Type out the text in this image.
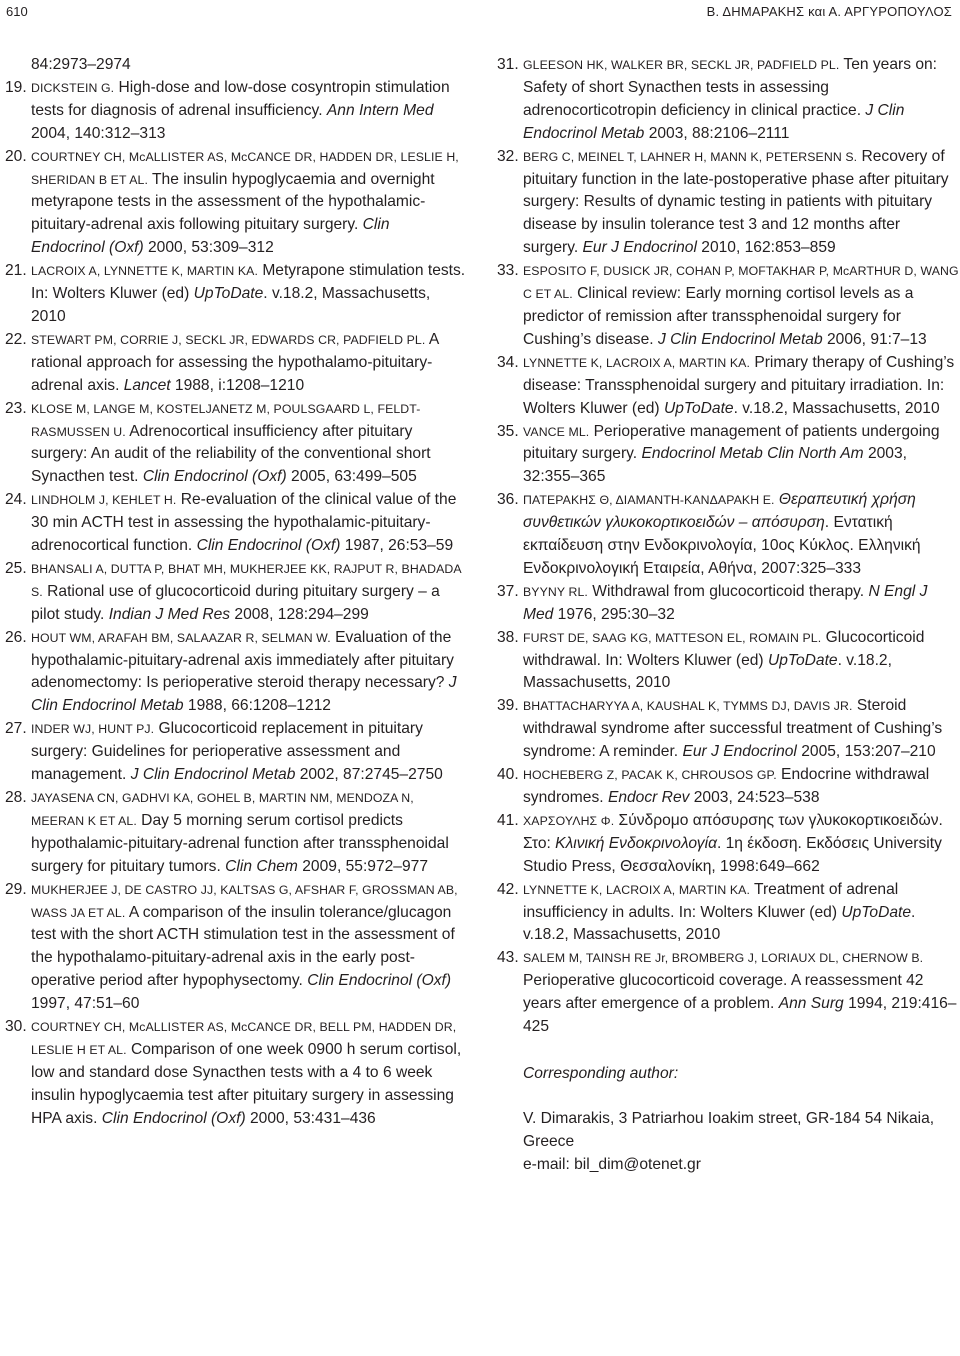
610	Β. ΔΗΜΑΡΑΚΗΣ και Α. ΑΡΓΥΡΟΠΟΥΛΟΣ
84:2973‒2974
19. DICKSTEIN G. High-dose and low-dose cosyntropin stimulation tests for diagnosis of adrenal insufficiency. Ann Intern Med 2004, 140:312‒313
20. COURTNEY CH, McALLISTER AS, McCANCE DR, HADDEN DR, LESLIE H, SHERIDAN B ET AL. The insulin hypoglycaemia and overnight metyrapone tests in the assessment of the hypothalamic-pituitary-adrenal axis following pituitary surgery. Clin Endocrinol (Oxf) 2000, 53:309‒312
21. LACROIX A, LYNNETTE K, MARTIN KA. Metyrapone stimulation tests. In: Wolters Kluwer (ed) UpToDate. v.18.2, Massachusetts, 2010
22. STEWART PM, CORRIE J, SECKL JR, EDWARDS CR, PADFIELD PL. A rational approach for assessing the hypothalamo-pituitary-adrenal axis. Lancet 1988, i:1208‒1210
23. KLOSE M, LANGE M, KOSTELJANETZ M, POULSGAARD L, FELDT-RASMUSSEN U. Adrenocortical insufficiency after pituitary surgery: An audit of the reliability of the conventional short Synacthen test. Clin Endocrinol (Oxf) 2005, 63:499‒505
24. LINDHOLM J, KEHLET H. Re-evaluation of the clinical value of the 30 min ACTH test in assessing the hypothalamic-pituitary-adrenocortical function. Clin Endocrinol (Oxf) 1987, 26:53‒59
25. BHANSALI A, DUTTA P, BHAT MH, MUKHERJEE KK, RAJPUT R, BHADADA S. Rational use of glucocorticoid during pituitary surgery ‒ a pilot study. Indian J Med Res 2008, 128:294‒299
26. HOUT WM, ARAFAH BM, SALAAZAR R, SELMAN W. Evaluation of the hypothalamic-pituitary-adrenal axis immediately after pituitary adenomectomy: Is perioperative steroid therapy necessary? J Clin Endocrinol Metab 1988, 66:1208‒1212
27. INDER WJ, HUNT PJ. Glucocorticoid replacement in pituitary surgery: Guidelines for perioperative assessment and management. J Clin Endocrinol Metab 2002, 87:2745‒2750
28. JAYASENA CN, GADHVI KA, GOHEL B, MARTIN NM, MENDOZA N, MEERAN K ET AL. Day 5 morning serum cortisol predicts hypothalamic-pituitary-adrenal function after transsphenoidal surgery for pituitary tumors. Clin Chem 2009, 55:972‒977
29. MUKHERJEE J, DE CASTRO JJ, KALTSAS G, AFSHAR F, GROSSMAN AB, WASS JA ET AL. A comparison of the insulin tolerance/glucagon test with the short ACTH stimulation test in the assessment of the hypothalamo-pituitary-adrenal axis in the early post-operative period after hypophysectomy. Clin Endocrinol (Oxf) 1997, 47:51‒60
30. COURTNEY CH, McALLISTER AS, McCANCE DR, BELL PM, HADDEN DR, LESLIE H ET AL. Comparison of one week 0900 h serum cortisol, low and standard dose Synacthen tests with a 4 to 6 week insulin hypoglycaemia test after pituitary surgery in assessing HPA axis. Clin Endocrinol (Oxf) 2000, 53:431‒436
31. GLEESON HK, WALKER BR, SECKL JR, PADFIELD PL. Ten years on: Safety of short Synacthen tests in assessing adrenocorticotropin deficiency in clinical practice. J Clin Endocrinol Metab 2003, 88:2106‒2111
32. BERG C, MEINEL T, LAHNER H, MANN K, PETERSENN S. Recovery of pituitary function in the late-postoperative phase after pituitary surgery: Results of dynamic testing in patients with pituitary disease by insulin tolerance test 3 and 12 months after surgery. Eur J Endocrinol 2010, 162:853‒859
33. ESPOSITO F, DUSICK JR, COHAN P, MOFTAKHAR P, McARTHUR D, WANG C ET AL. Clinical review: Early morning cortisol levels as a predictor of remission after transsphenoidal surgery for Cushing’s disease. J Clin Endocrinol Metab 2006, 91:7‒13
34. LYNNETTE K, LACROIX A, MARTIN KA. Primary therapy of Cushing’s disease: Transsphenoidal surgery and pituitary irradiation. In: Wolters Kluwer (ed) UpToDate. v.18.2, Massachusetts, 2010
35. VANCE ML. Perioperative management of patients undergoing pituitary surgery. Endocrinol Metab Clin North Am 2003, 32:355‒365
36. ΠΑΤΕΡΑΚΗΣ Θ, ΔΙΑΜΑΝΤΗ-ΚΑΝΔΑΡΑΚΗ Ε. Θεραπευτική χρήση συνθετικών γλυκοκορτικοειδών ‒ απόσυρση. Εντατική εκπαίδευση στην Ενδοκρινολογία, 10ος Κύκλος. Ελληνική Ενδοκρινολογική Εταιρεία, Αθήνα, 2007:325‒333
37. BYYNY RL. Withdrawal from glucocorticoid therapy. N Engl J Med 1976, 295:30‒32
38. FURST DE, SAAG KG, MATTESON EL, ROMAIN PL. Glucocorticoid withdrawal. In: Wolters Kluwer (ed) UpToDate. v.18.2, Massachusetts, 2010
39. BHATTACHARYYA A, KAUSHAL K, TYMMS DJ, DAVIS JR. Steroid withdrawal syndrome after successful treatment of Cushing’s syndrome: A reminder. Eur J Endocrinol 2005, 153:207‒210
40. HOCHEBERG Z, PACAK K, CHROUSOS GP. Endocrine withdrawal syndromes. Endocr Rev 2003, 24:523‒538
41. ΧΑΡΣΟΥΛΗΣ Φ. Σύνδρομο απόσυρσης των γλυκοκορτικοειδών. Στο: Κλινική Ενδοκρινολογία. 1η έκδοση. Εκδόσεις University Studio Press, Θεσσαλονίκη, 1998:649‒662
42. LYNNETTE K, LACROIX A, MARTIN KA. Treatment of adrenal insufficiency in adults. In: Wolters Kluwer (ed) UpToDate. v.18.2, Massachusetts, 2010
43. SALEM M, TAINSH RE Jr, BROMBERG J, LORIAUX DL, CHERNOW B. Perioperative glucocorticoid coverage. A reassessment 42 years after emergence of a problem. Ann Surg 1994, 219:416‒425
Corresponding author:
V. Dimarakis, 3 Patriarhou Ioakim street, GR-184 54 Nikaia, Greece
e-mail: bil_dim@otenet.gr
